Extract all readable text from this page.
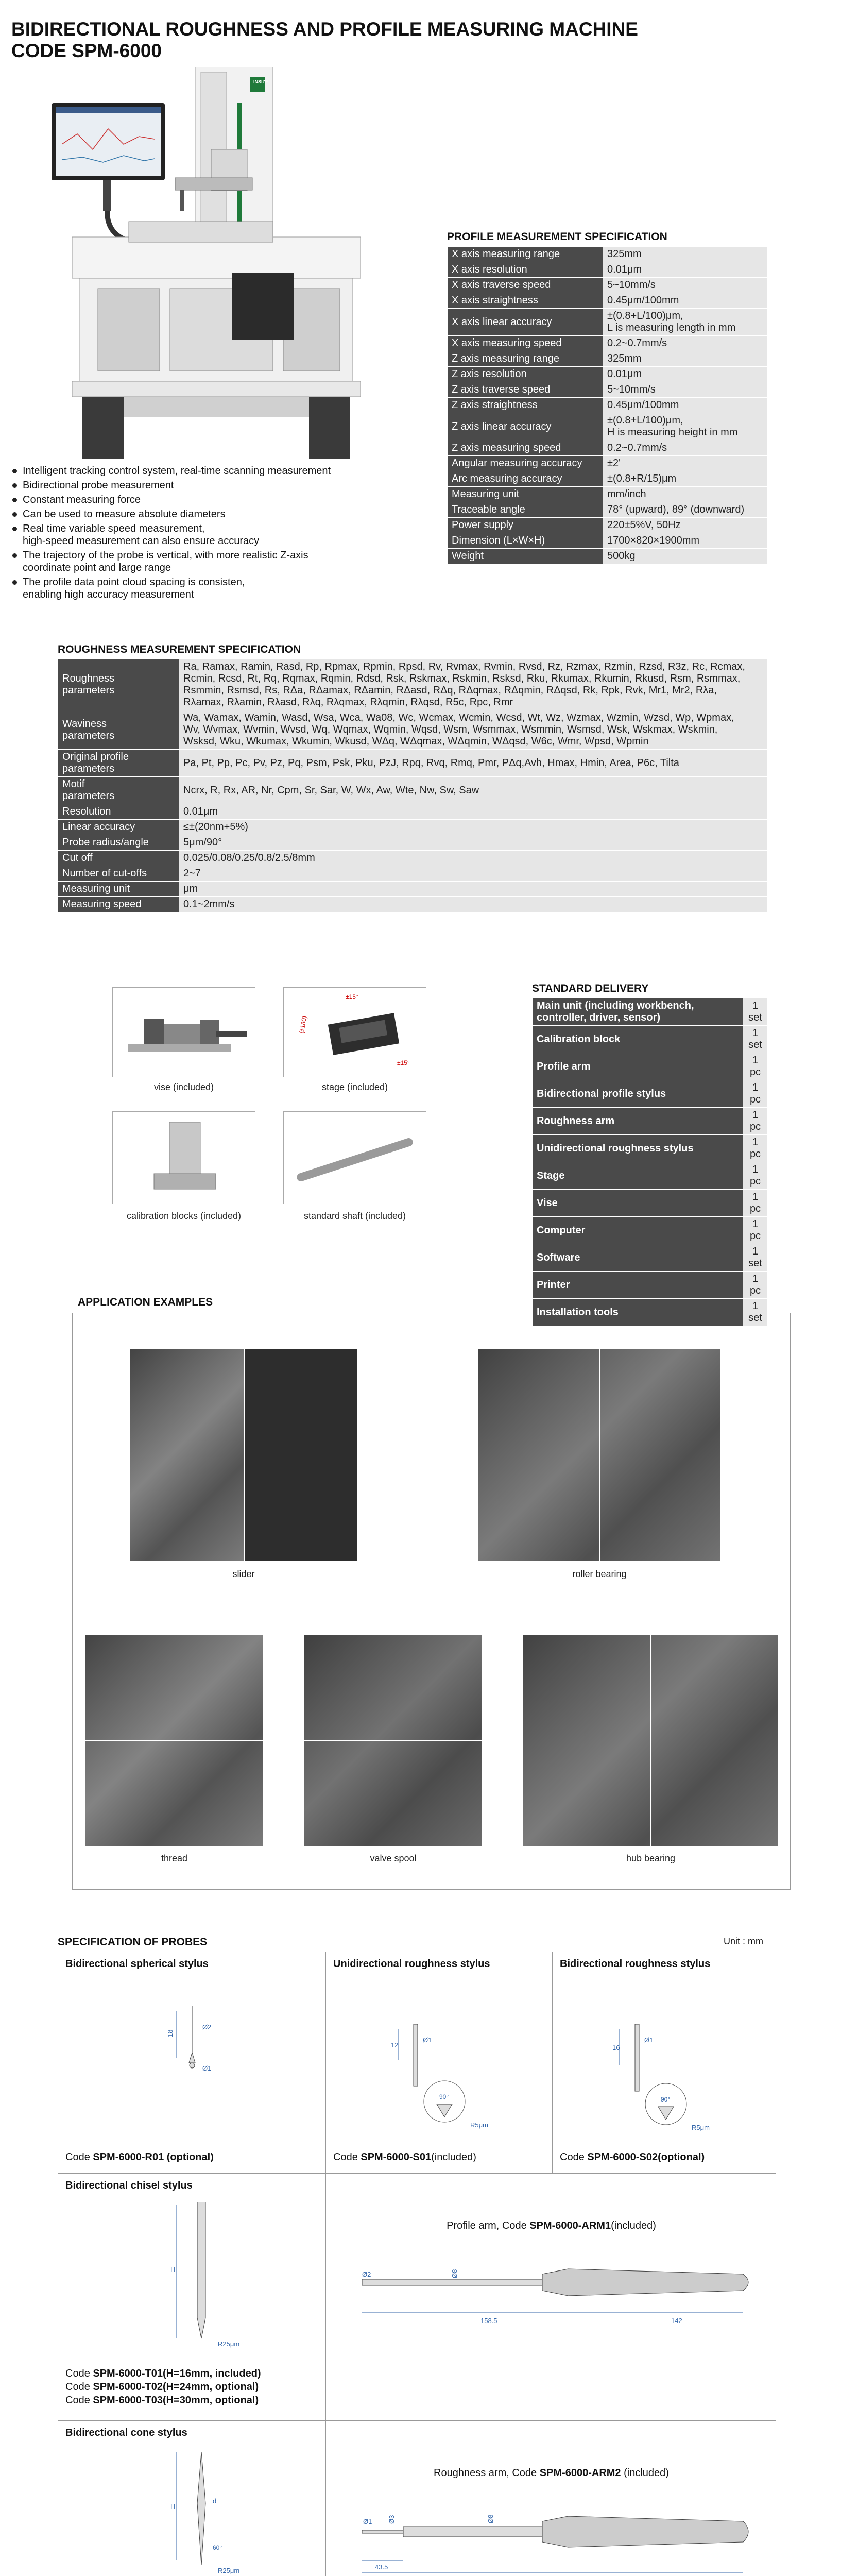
BIDIRECTIONAL ROUGHNESS AND PROFILE MEASURING MACHINE
CODE SPM-6000
INSIZE
Intelligent tracking control system, real-time scanning measurement
Bidirectional probe measurement
Constant measuring force
Can be used to measure absolute diameters
Real time variable speed measurement,
high-speed measurement can also ensure accuracy
The trajectory of the probe is vertical, with more realistic Z-axis
coordinate point and large range
The profile data point cloud spacing is consisten,
enabling high accuracy measurement
PROFILE MEASUREMENT SPECIFICATION
X axis measuring range	325mm
X axis resolution	0.01μm
X axis traverse speed	5~10mm/s
X axis straightness	0.45μm/100mm
X axis linear accuracy	±(0.8+L/100)μm,
L is measuring length in mm
X axis measuring speed	0.2~0.7mm/s
Z axis measuring range	325mm
Z axis resolution	0.01μm
Z axis traverse speed	5~10mm/s
Z axis straightness	0.45μm/100mm
Z axis linear accuracy	±(0.8+L/100)μm,
H is measuring height in mm
Z axis measuring speed	0.2~0.7mm/s
Angular measuring accuracy	±2'
Arc measuring accuracy	±(0.8+R/15)μm
Measuring unit	mm/inch
Traceable angle	78° (upward), 89° (downward)
Power supply	220±5%V, 50Hz
Dimension (L×W×H)	1700×820×1900mm
Weight	500kg
ROUGHNESS MEASUREMENT SPECIFICATION
Roughness
parameters	Ra, Ramax, Ramin, Rasd, Rp, Rpmax, Rpmin, Rpsd, Rv, Rvmax, Rvmin, Rvsd, Rz, Rzmax, Rzmin, Rzsd, R3z, Rc, Rcmax,
Rcmin, Rcsd, Rt, Rq, Rqmax, Rqmin, Rdsd, Rsk, Rskmax, Rskmin, Rsksd, Rku, Rkumax, Rkumin, Rkusd, Rsm, Rsmmax,
Rsmmin, Rsmsd, Rs, RΔa, RΔamax, RΔamin, RΔasd, RΔq, RΔqmax, RΔqmin, RΔqsd, Rk, Rpk, Rvk, Mr1, Mr2, Rλa,
Rλamax, Rλamin, Rλasd, Rλq, Rλqmax, Rλqmin, Rλqsd, R5c, Rpc, Rmr
Waviness
parameters	Wa, Wamax, Wamin, Wasd, Wsa, Wca, Wa08, Wc, Wcmax, Wcmin, Wcsd, Wt, Wz, Wzmax, Wzmin, Wzsd, Wp, Wpmax,
Wv, Wvmax, Wvmin, Wvsd, Wq, Wqmax, Wqmin, Wqsd, Wsm, Wsmmax, Wsmmin, Wsmsd, Wsk, Wskmax, Wskmin,
Wsksd, Wku, Wkumax, Wkumin, Wkusd, WΔq, WΔqmax, WΔqmin, WΔqsd, W6c, Wmr, Wpsd, Wpmin
Original profile
parameters	Pa, Pt, Pp, Pc, Pv, Pz, Pq, Psm, Psk, Pku, PzJ, Rpq, Rvq, Rmq, Pmr, PΔq,Avh, Hmax, Hmin, Area, P6c, Tilta
Motif
parameters	Ncrx, R, Rx, AR, Nr, Cpm, Sr, Sar, W, Wx, Aw, Wte, Nw, Sw, Saw
Resolution	0.01μm
Linear accuracy	≤±(20nm+5%)
Probe radius/angle	5μm/90°
Cut off	0.025/0.08/0.25/0.8/2.5/8mm
Number of cut-offs	2~7
Measuring unit	μm
Measuring speed	0.1~2mm/s
vise (included)
±15°
(±180)
±15°
stage (included)
calibration blocks (included)	standard shaft (included)
STANDARD DELIVERY
Main unit (including workbench,
controller, driver, sensor)	1 set
Calibration block	1 set
Profile arm	1 pc
Bidirectional profile stylus	1 pc
Roughness arm	1 pc
Unidirectional roughness stylus	1 pc
Stage	1 pc
Vise	1 pc
Computer	1 pc
Software	1 set
Printer	1 pc
Installation tools	1 set
APPLICATION EXAMPLES
slider	roller bearing
thread	valve spool	hub bearing
SPECIFICATION OF PROBES	Unit : mm
Bidirectional spherical stylus
18
Ø2
Ø1
Code SPM-6000-R01 (optional)
Unidirectional roughness stylus
12
Ø1
90°
R5μm
Code SPM-6000-S01(included)
Bidirectional roughness stylus
16
Ø1
90°
R5μm
Code SPM-6000-S02(optional)
Bidirectional chisel stylus
H
R25μm
Code SPM-6000-T01(H=16mm, included)
Code SPM-6000-T02(H=24mm, optional)
Code SPM-6000-T03(H=30mm, optional)
Profile arm, Code SPM-6000-ARM1(included)
Ø2	Ø8
158.5	142
Bidirectional cone stylus
H
d
60°
R25μm
Roughness arm, Code SPM-6000-ARM2 (included)
Ø1 Ø3	Ø8
43.5
